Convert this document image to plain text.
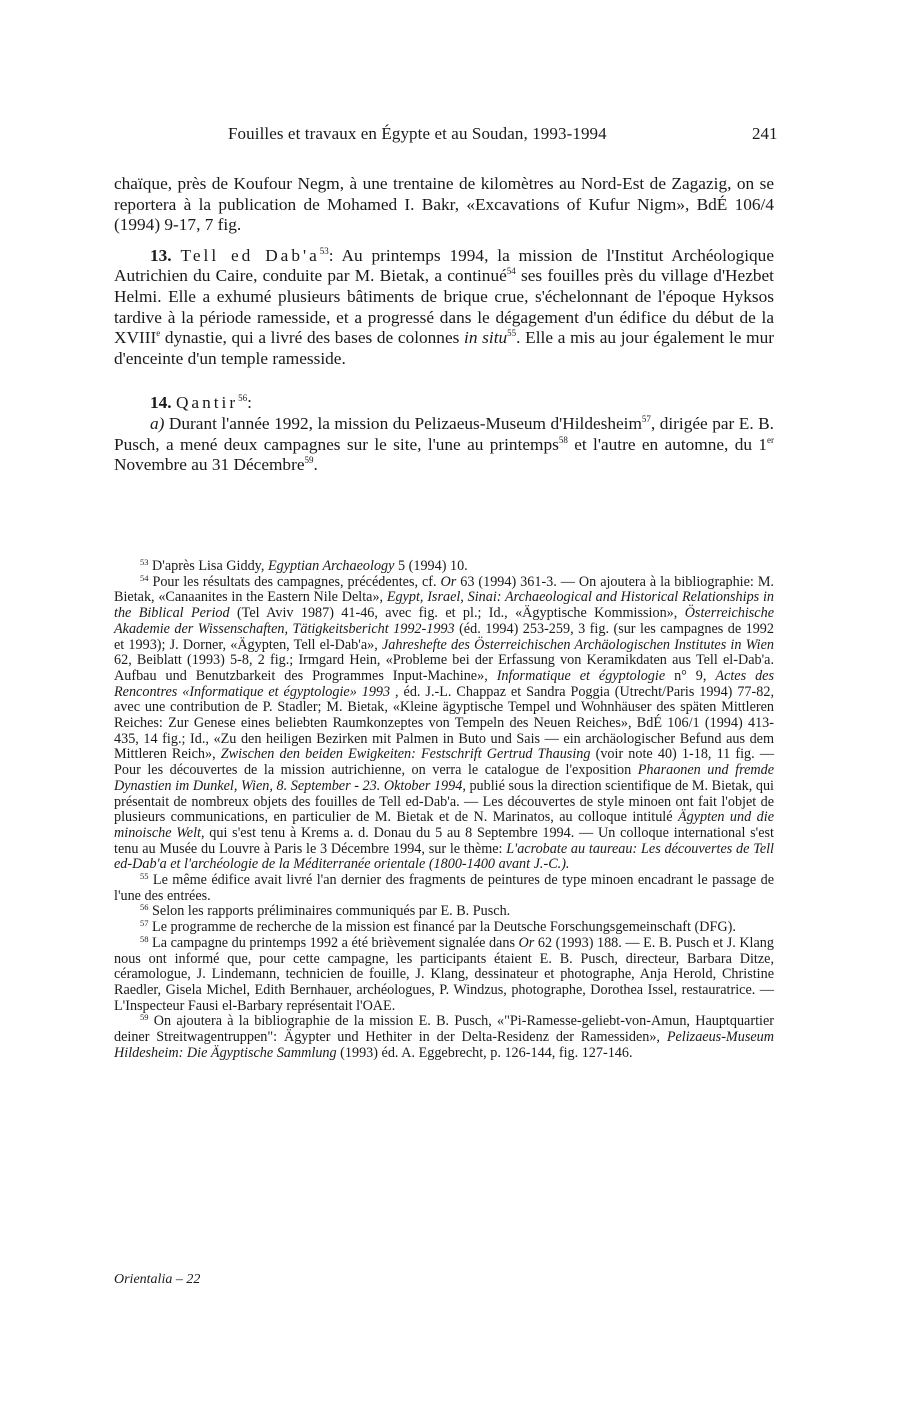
Fouilles et travaux en Égypte et au Soudan, 1993-1994	241

chaïque, près de Koufour Negm, à une trentaine de kilomètres au Nord-Est de Zagazig, on se reportera à la publication de Mohamed I. Bakr, «Excavations of Kufur Nigm», BdÉ 106/4 (1994) 9-17, 7 fig.

13. Tell ed $Dab'a^{53}$: Au printemps 1994, la mission de l'Institut Archéologique Autrichien du Caire, conduite par M. Bietak, a continué$^{54}$ ses fouilles près du village d'Hezbet Helmi. Elle a exhumé plusieurs bâtiments de brique crue, s'échelonnant de l'époque Hyksos tardive à la période ramesside, et a progressé dans le dégagement d'un édifice du début de la XVIIIe dynastie, qui a livré des bases de colonnes in situ$^{55}$. Elle a mis au jour également le mur d'enceinte d'un temple ramesside.

14. Qantir$^{56}$:

a) Durant l'année 1992, la mission du Pelizaeus-Museum d'Hildesheim$^{57}$, dirigée par E. B. Pusch, a mené deux campagnes sur le site, l'une au printemps$^{58}$ et l'autre en automne, du 1er Novembre au 31 Décembre$^{59}$.

$^{53}$ D'après Lisa Giddy, Egyptian Archaeology 5 (1994) 10.

$^{54}$ Pour les résultats des campagnes, précédentes, cf. Or 63 (1994) 361-3. — On ajoutera à la bibliographie: M. Bietak, «Canaanites in the Eastern Nile Delta», Egypt, Israel, Sinai: Archaeological and Historical Relationships in the Biblical Period (Tel Aviv 1987) 41-46, avec fig. et pl.; Id., «Ägyptische Kommission», Österreichische Akademie der Wissenschaften, Tätigkeitsbericht 1992-1993 (éd. 1994) 253-259, 3 fig. (sur les campagnes de 1992 et 1993); J. Dorner, «Ägypten, Tell el-Dab'a», Jahreshefte des Österreichischen Archäologischen Institutes in Wien 62, Beiblatt (1993) 5-8, 2 fig.; Irmgard Hein, «Probleme bei der Erfassung von Keramikdaten aus Tell el-Dab'a. Aufbau und Benutzbarkeit des Programmes Input-Machine», Informatique et égyptologie n° 9, Actes des Rencontres «Informatique et égyptologie» 1993 , éd. J.-L. Chappaz et Sandra Poggia (Utrecht/Paris 1994) 77-82, avec une contribution de P. Stadler; M. Bietak, «Kleine ägyptische Tempel und Wohnhäuser des späten Mittleren Reiches: Zur Genese eines beliebten Raumkonzeptes von Tempeln des Neuen Reiches», BdÉ 106/1 (1994) 413-435, 14 fig.; Id., «Zu den heiligen Bezirken mit Palmen in Buto und Sais — ein archäologischer Befund aus dem Mittleren Reich», Zwischen den beiden Ewigkeiten: Festschrift Gertrud Thausing (voir note 40) 1-18, 11 fig. — Pour les découvertes de la mission autrichienne, on verra le catalogue de l'exposition Pharaonen und fremde Dynastien im Dunkel, Wien, 8. September - 23. Oktober 1994, publié sous la direction scientifique de M. Bietak, qui présentait de nombreux objets des fouilles de Tell ed-Dab'a. — Les découvertes de style minoen ont fait l'objet de plusieurs communications, en particulier de M. Bietak et de N. Marinatos, au colloque intitulé Ägypten und die minoische Welt, qui s'est tenu à Krems a. d. Donau du 5 au 8 Septembre 1994. — Un colloque international s'est tenu au Musée du Louvre à Paris le 3 Décembre 1994, sur le thème: L'acrobate au taureau: Les découvertes de Tell ed-Dab'a et l'archéologie de la Méditerranée orientale (1800-1400 avant J.-C.).

$^{55}$ Le même édifice avait livré l'an dernier des fragments de peintures de type minoen encadrant le passage de l'une des entrées.

$^{56}$ Selon les rapports préliminaires communiqués par E. B. Pusch.

$^{57}$ Le programme de recherche de la mission est financé par la Deutsche Forschungsgemeinschaft (DFG).

$^{58}$ La campagne du printemps 1992 a été brièvement signalée dans Or 62 (1993) 188. — E. B. Pusch et J. Klang nous ont informé que, pour cette campagne, les participants étaient E. B. Pusch, directeur, Barbara Ditze, céramologue, J. Lindemann, technicien de fouille, J. Klang, dessinateur et photographe, Anja Herold, Christine Raedler, Gisela Michel, Edith Bernhauer, archéologues, P. Windzus, photographe, Dorothea Issel, restauratrice. — L'Inspecteur Fausi el-Barbary représentait l'OAE.

$^{59}$ On ajoutera à la bibliographie de la mission E. B. Pusch, «"Pi-Ramesse-geliebt-von-Amun, Hauptquartier deiner Streitwagentruppen": Ägypter und Hethiter in der Delta-Residenz der Ramessiden», Pelizaeus-Museum Hildesheim: Die Ägyptische Sammlung (1993) éd. A. Eggebrecht, p. 126-144, fig. 127-146.

Orientalia – 22
